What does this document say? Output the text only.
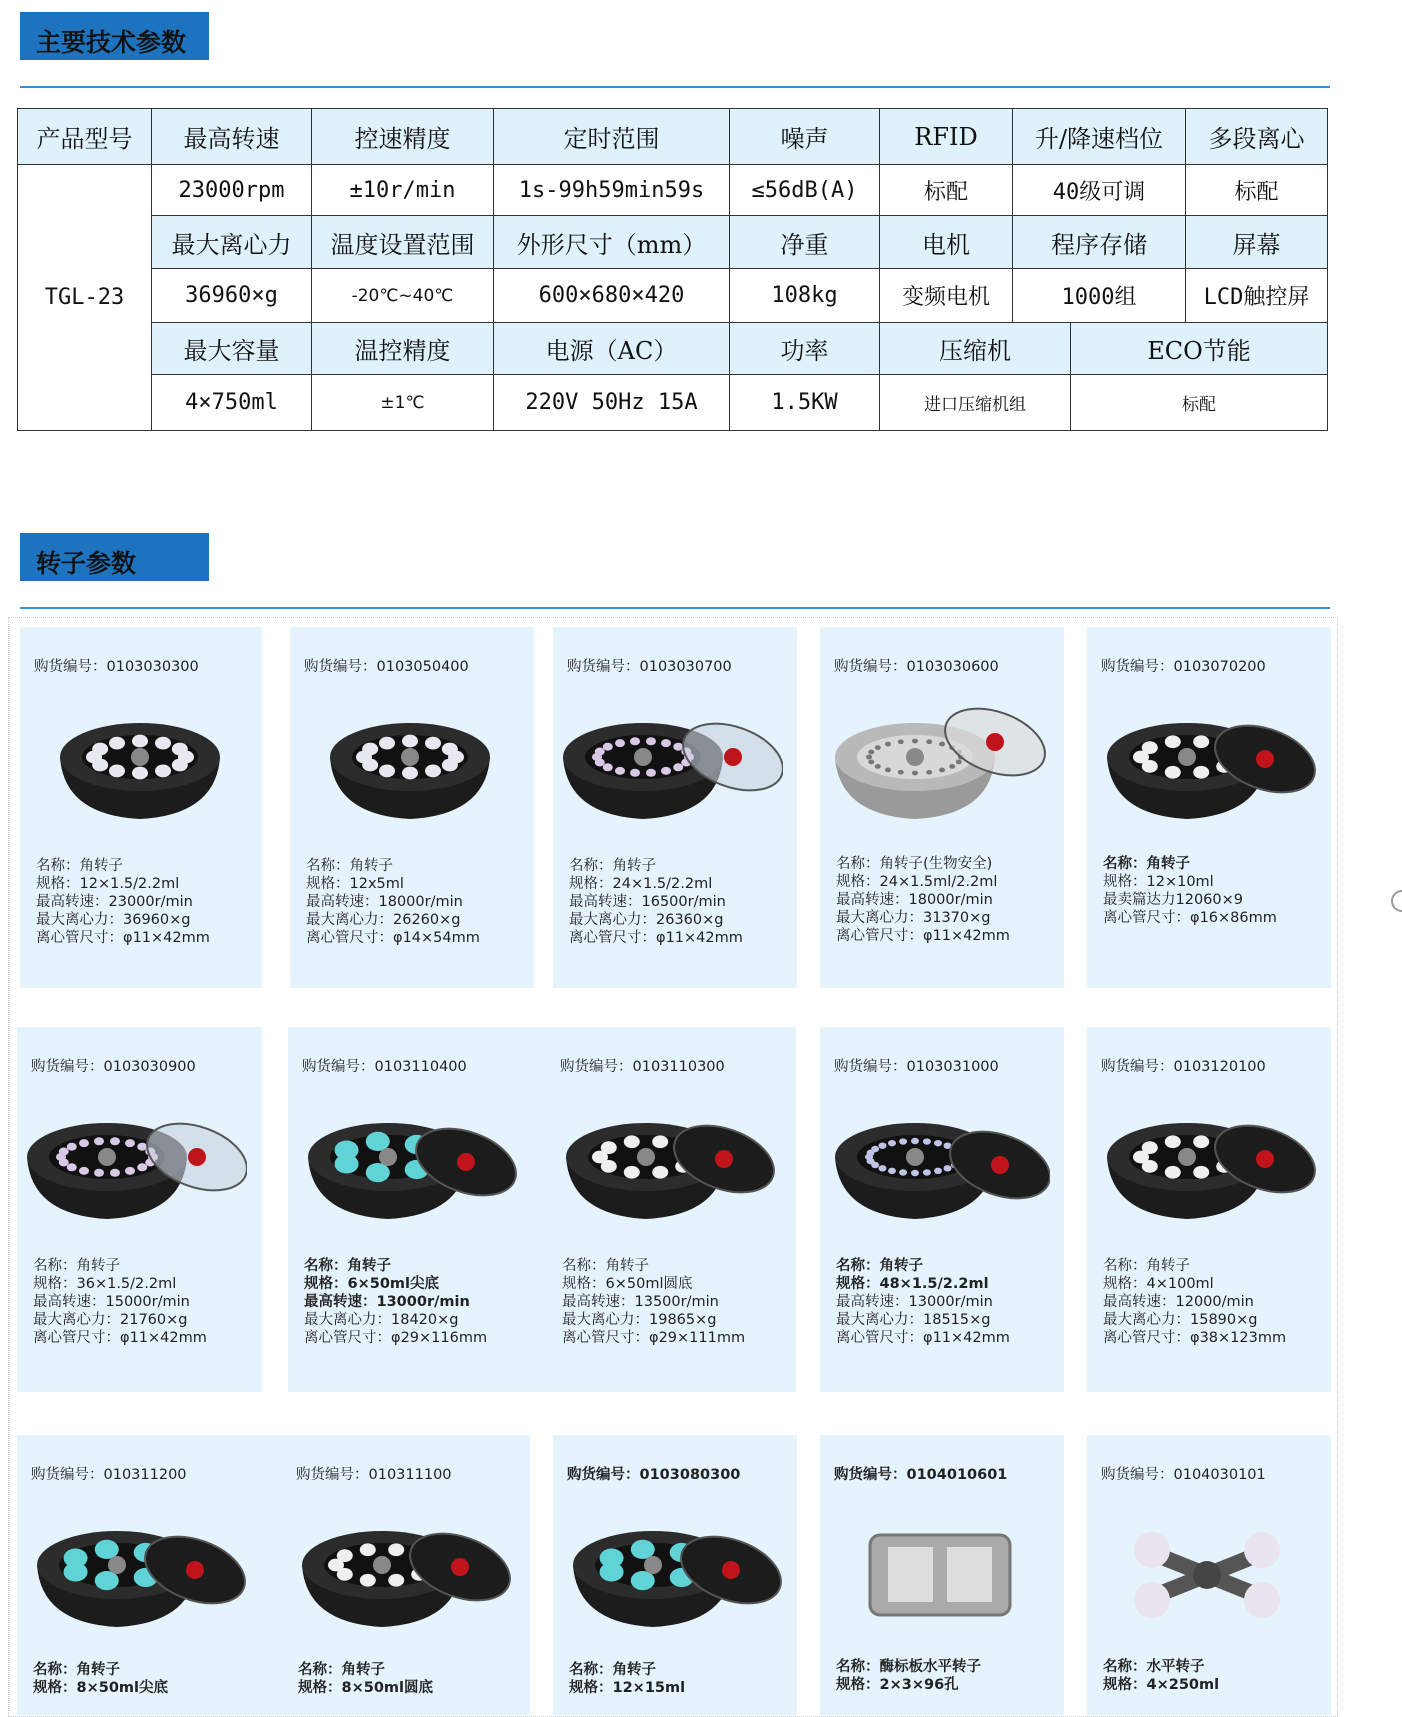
主要技术参数
产品型号	最高转速	控速精度	定时范围	噪声	RFID	升/降速档位		多段离心
TGL-23	23000rpm	±10r/min	1s-99h59min59s	≤56dB(A)	标配	40级可调		标配
	最大离心力	温度设置范围	外形尺寸（mm）	净重	电机	程序存储		屏幕
	36960×g	-20℃~40℃	600×680×420	108kg	变频电机	1000组		LCD触控屏
	最大容量	温控精度	电源（AC）	功率	压缩机		ECO节能	
	4×750ml	±1℃	220V 50Hz 15A	1.5KW	进口压缩机组		标配	
转子参数
购货编号：0103030300
名称：角转子
规格：12×1.5/2.2ml
最高转速：23000r/min
最大离心力：36960×g
离心管尺寸：φ11×42mm
购货编号：0103050400
名称：角转子
规格：12x5ml
最高转速：18000r/min
最大离心力：26260×g
离心管尺寸：φ14×54mm
购货编号：0103030700
名称：角转子
规格：24×1.5/2.2ml
最高转速：16500r/min
最大离心力：26360×g
离心管尺寸：φ11×42mm
购货编号：0103030600
名称：角转子(生物安全)
规格：24×1.5ml/2.2ml
最高转速：18000r/min
最大离心力：31370×g
离心管尺寸：φ11×42mm
购货编号：0103070200
名称：角转子
规格：12×10ml
最卖篇达力12060×9
离心管尺寸：φ16×86mm
购货编号：0103030900
名称：角转子
规格：36×1.5/2.2ml
最高转速：15000r/min
最大离心力：21760×g
离心管尺寸：φ11×42mm
购货编号：0103110400
名称：角转子
规格：6×50ml尖底
最高转速：13000r/min
最大离心力：18420×g
离心管尺寸：φ29×116mm
购货编号：0103110300
名称：角转子
规格：6×50ml圆底
最高转速：13500r/min
最大离心力：19865×g
离心管尺寸：φ29×111mm
购货编号：0103031000
名称：角转子
规格：48×1.5/2.2ml
最高转速：13000r/min
最大离心力：18515×g
离心管尺寸：φ11×42mm
购货编号：0103120100
名称：角转子
规格：4×100ml
最高转速：12000/min
最大离心力：15890×g
离心管尺寸：φ38×123mm
购货编号：010311200
名称：角转子
规格：8×50ml尖底
购货编号：010311100
名称：角转子
规格：8×50ml圆底
购货编号：0103080300
名称：角转子
规格：12×15ml
购货编号：0104010601
名称：酶标板水平转子
规格：2×3×96孔
购货编号：0104030101
名称：水平转子
规格：4×250ml
